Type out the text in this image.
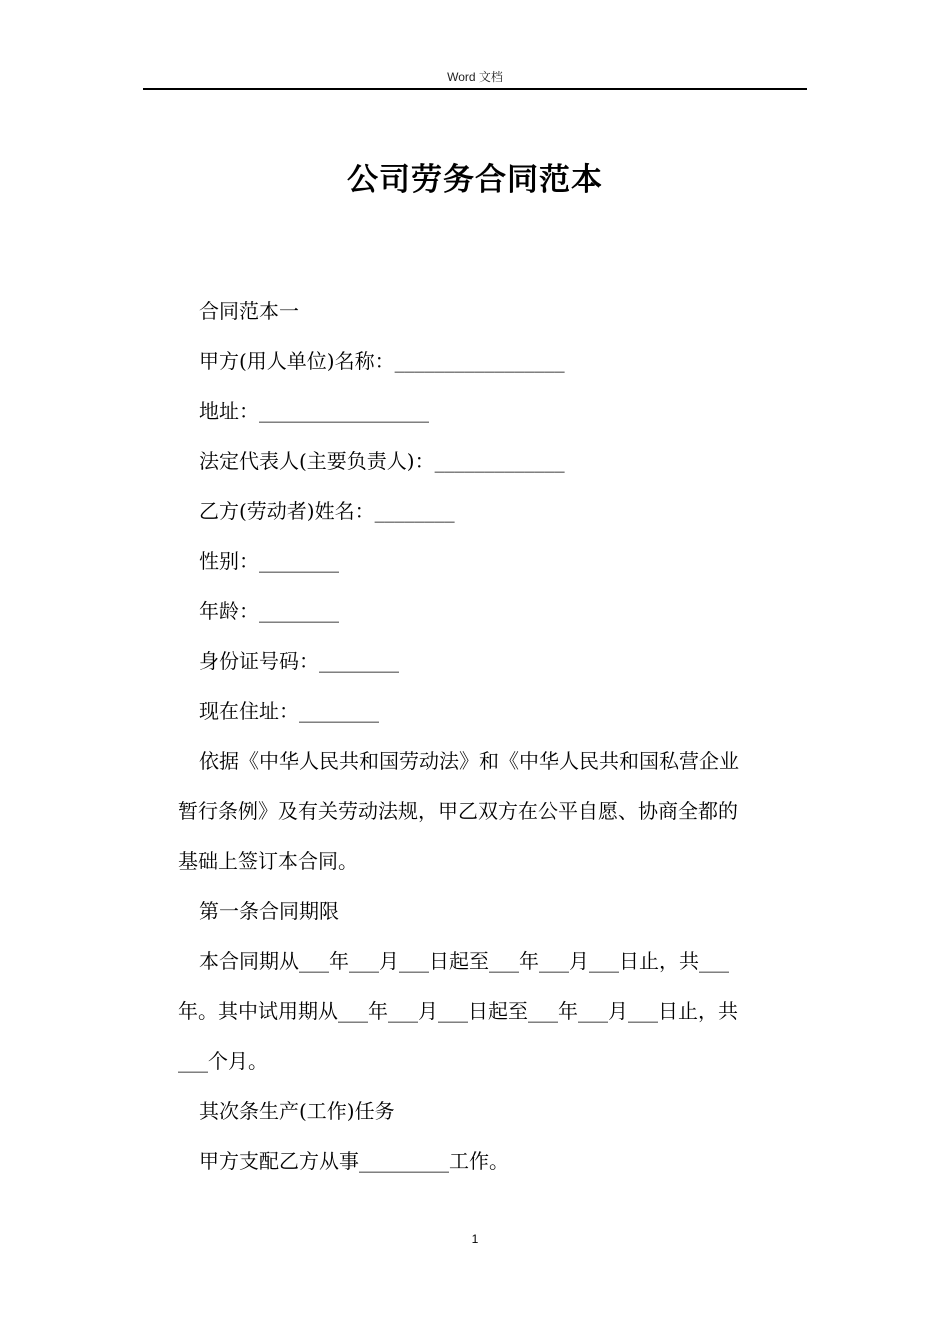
Word 文档
公司劳务合同范本
合同范本一
甲方(用人单位)名称：_________________
地址：_________________
法定代表人(主要负责人)：_____________
乙方(劳动者)姓名：________
性别：________
年龄：________
身份证号码：________
现在住址：________
依据《中华人民共和国劳动法》和《中华人民共和国私营企业
暂行条例》及有关劳动法规，甲乙双方在公平自愿、协商全都的
基础上签订本合同。
第一条合同期限
本合同期从___年___月___日起至___年___月___日止，共___
年。其中试用期从___年___月___日起至___年___月___日止，共
___个月。
其次条生产(工作)任务
甲方支配乙方从事_________工作。
1
